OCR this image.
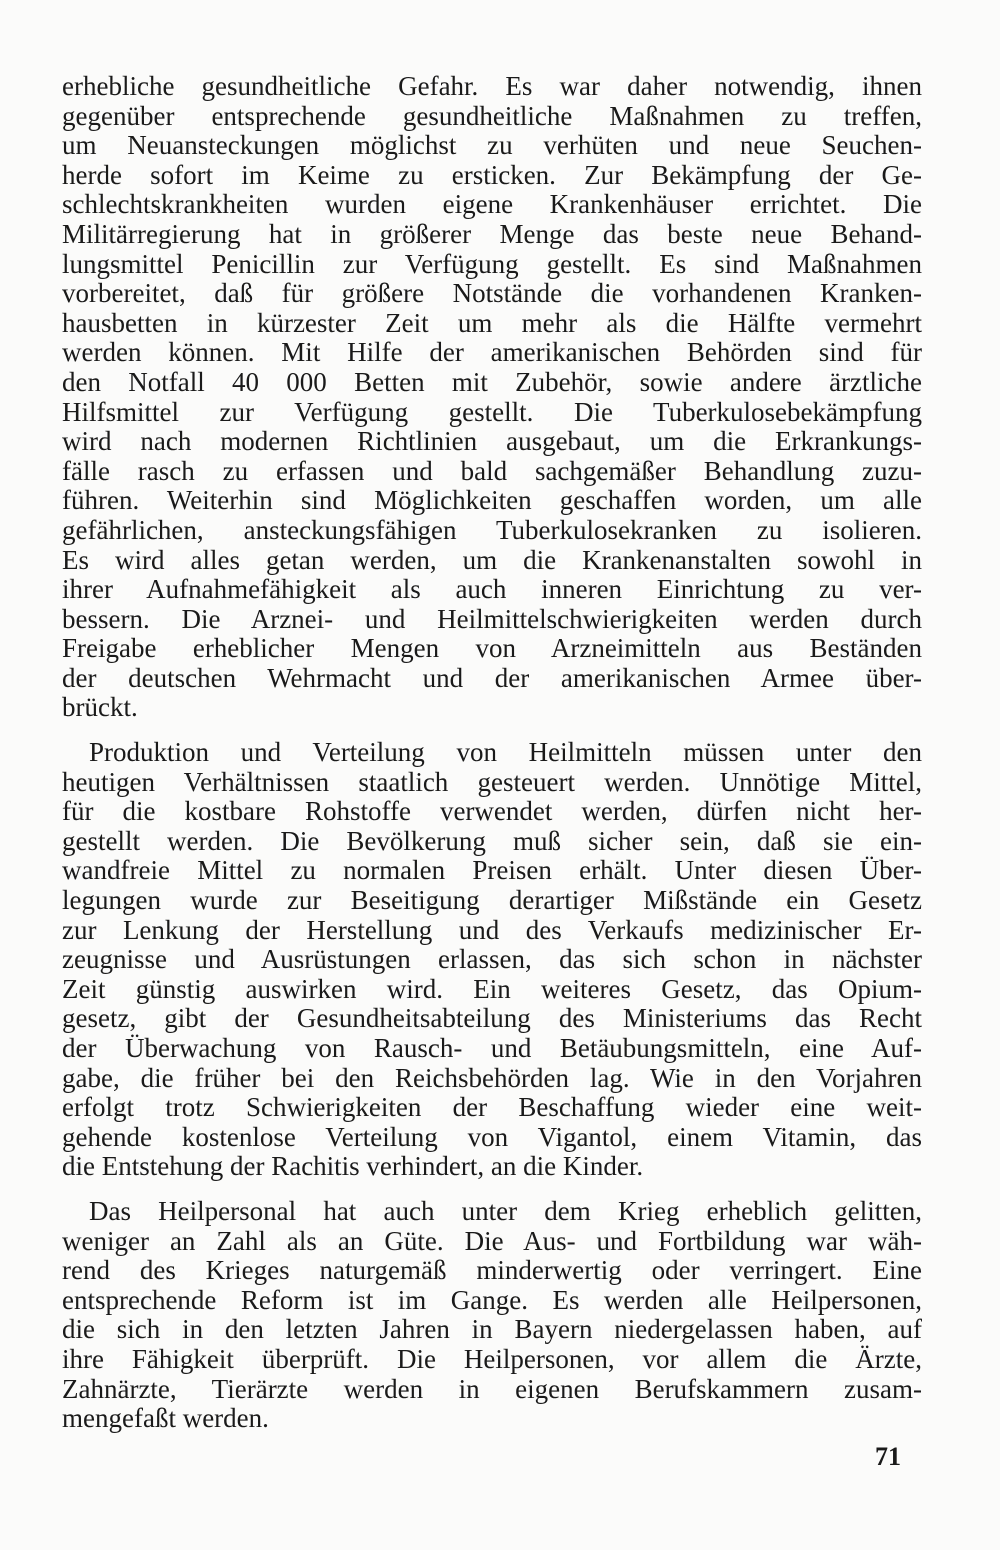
erhebliche gesundheitliche Gefahr. Es war daher notwendig, ihnen
gegenüber entsprechende gesundheitliche Maßnahmen zu treffen,
um Neuansteckungen möglichst zu verhüten und neue Seuchen-
herde sofort im Keime zu ersticken. Zur Bekämpfung der Ge-
schlechtskrankheiten wurden eigene Krankenhäuser errichtet. Die
Militärregierung hat in größerer Menge das beste neue Behand-
lungsmittel Penicillin zur Verfügung gestellt. Es sind Maßnahmen
vorbereitet, daß für größere Notstände die vorhandenen Kranken-
hausbetten in kürzester Zeit um mehr als die Hälfte vermehrt
werden können. Mit Hilfe der amerikanischen Behörden sind für
den Notfall 40 000 Betten mit Zubehör, sowie andere ärztliche
Hilfsmittel zur Verfügung gestellt. Die Tuberkulosebekämpfung
wird nach modernen Richtlinien ausgebaut, um die Erkrankungs-
fälle rasch zu erfassen und bald sachgemäßer Behandlung zuzu-
führen. Weiterhin sind Möglichkeiten geschaffen worden, um alle
gefährlichen, ansteckungsfähigen Tuberkulosekranken zu isolieren.
Es wird alles getan werden, um die Krankenanstalten sowohl in
ihrer Aufnahmefähigkeit als auch inneren Einrichtung zu ver-
bessern. Die Arznei- und Heilmittelschwierigkeiten werden durch
Freigabe erheblicher Mengen von Arzneimitteln aus Beständen
der deutschen Wehrmacht und der amerikanischen Armee über-
brückt.
Produktion und Verteilung von Heilmitteln müssen unter den
heutigen Verhältnissen staatlich gesteuert werden. Unnötige Mittel,
für die kostbare Rohstoffe verwendet werden, dürfen nicht her-
gestellt werden. Die Bevölkerung muß sicher sein, daß sie ein-
wandfreie Mittel zu normalen Preisen erhält. Unter diesen Über-
legungen wurde zur Beseitigung derartiger Mißstände ein Gesetz
zur Lenkung der Herstellung und des Verkaufs medizinischer Er-
zeugnisse und Ausrüstungen erlassen, das sich schon in nächster
Zeit günstig auswirken wird. Ein weiteres Gesetz, das Opium-
gesetz, gibt der Gesundheitsabteilung des Ministeriums das Recht
der Überwachung von Rausch- und Betäubungsmitteln, eine Auf-
gabe, die früher bei den Reichsbehörden lag. Wie in den Vorjahren
erfolgt trotz Schwierigkeiten der Beschaffung wieder eine weit-
gehende kostenlose Verteilung von Vigantol, einem Vitamin, das
die Entstehung der Rachitis verhindert, an die Kinder.
Das Heilpersonal hat auch unter dem Krieg erheblich gelitten,
weniger an Zahl als an Güte. Die Aus- und Fortbildung war wäh-
rend des Krieges naturgemäß minderwertig oder verringert. Eine
entsprechende Reform ist im Gange. Es werden alle Heilpersonen,
die sich in den letzten Jahren in Bayern niedergelassen haben, auf
ihre Fähigkeit überprüft. Die Heilpersonen, vor allem die Ärzte,
Zahnärzte, Tierärzte werden in eigenen Berufskammern zusam-
mengefaßt werden.
71
